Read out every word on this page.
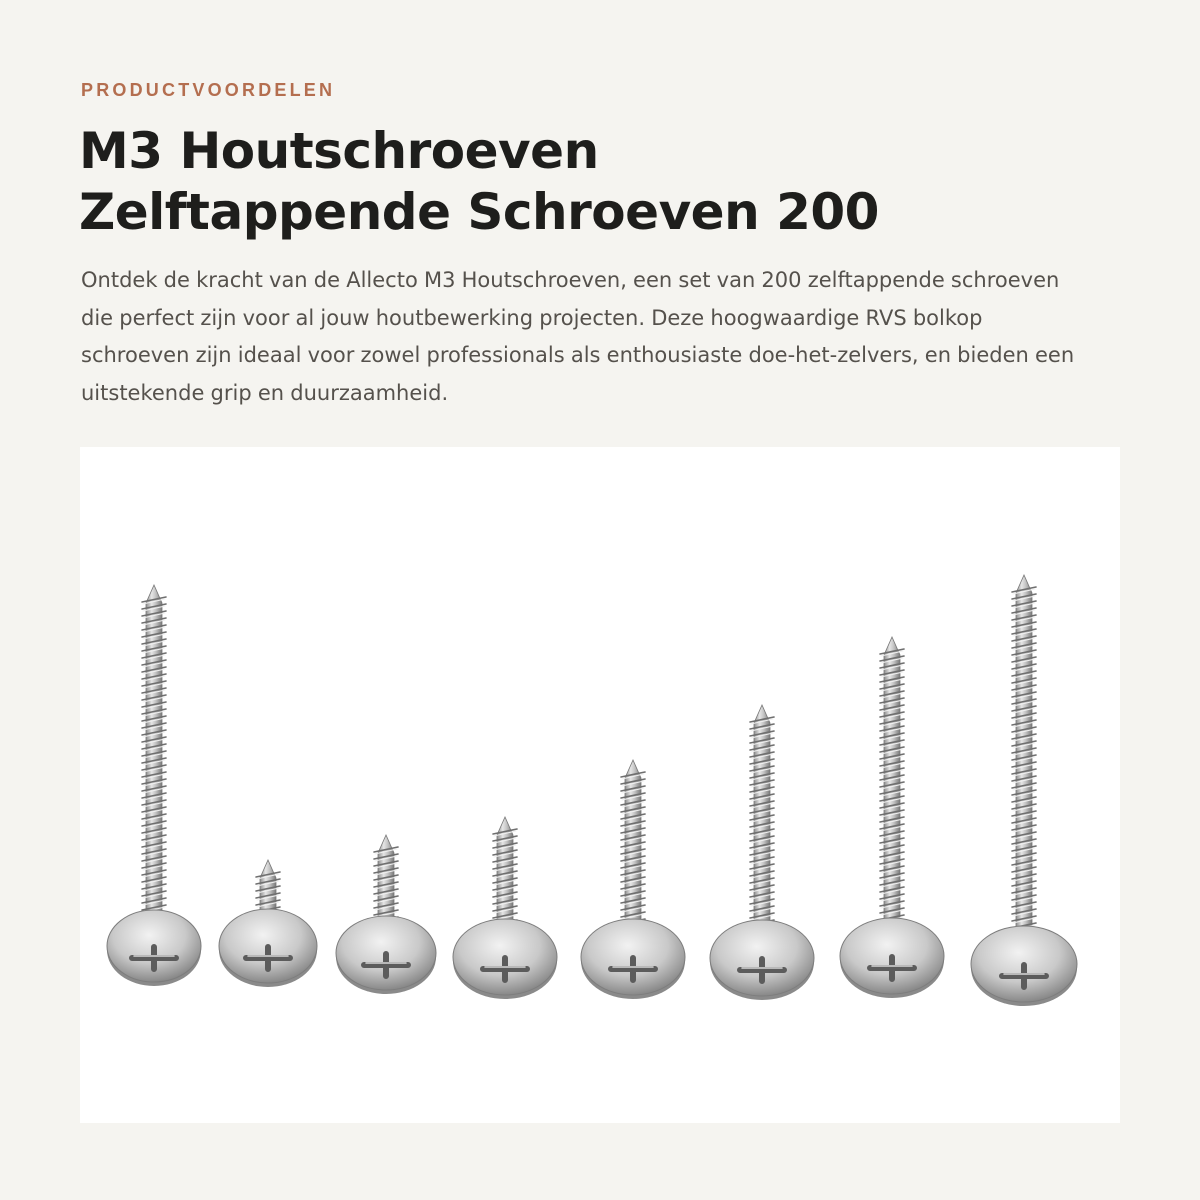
PRODUCTVOORDELEN
M3 Houtschroeven
Zelftappende Schroeven 200

Ontdek de kracht van de Allecto M3 Houtschroeven, een set van 200 zelftappende schroeven die perfect zijn voor al jouw houtbewerking projecten. Deze hoogwaardige RVS bolkop schroeven zijn ideaal voor zowel professionals als enthousiaste doe-het-zelvers, en bieden een uitstekende grip en duurzaamheid.
